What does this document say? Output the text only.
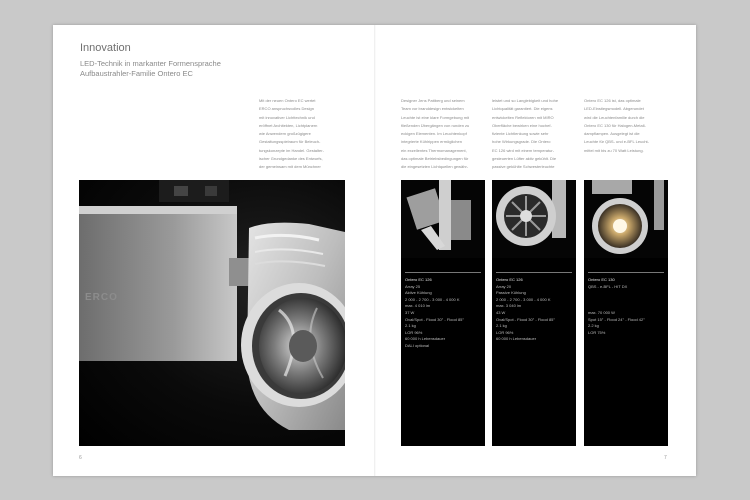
Innovation
LED-Technik in markanter Formensprache
Aufbaustrahler-Familie Ontero EC
Mit der neuen Ontero EC wertet
ERCO anspruchsvolles Design
mit innovativer Lichttechnik und
eröffnet Architekten, Lichtplanern
wie Anwendern großzügigere
Gestaltungsspielraum für Beleuch-
tungskonzepte im Handel. Gestalter-
ischer Grundgedanke des Entwurfs,
der gemeinsam mit dem Münchner
Designer Jens Pattberg und seinem
Team vor branddesign entwickelten
Leuchte ist eine klare Formgebung mit
fließenden Übergängen von runden zu
eckigen Elementen. Im Leuchtenkopf
integrierte Kühlrippen ermöglichen
ein exzellentes Thermomanagement,
das optimale Betriebsbedingungen für
die eingesetzten Lichtquellen gewähr-
leistet und so Langlebigkeit und hohe
Lichtqualität garantiert. Die eigens
entwickelten Reflektoren mit MIRO
Oberfläche bewirken eine hochef-
fiziente Lichtlenkung sowie sehr
hohe Wirkungsgrade. Die Ontero
EC 126 wird mit einem temperatur-
gesteuerten Lüfter aktiv gekühlt. Die
passive gekühlte Schwesterleuchte
Ontero EC 126 ist, das optimale
LED-Einstiegsmodell. Abgerundet
wird die Leuchtenfamilie durch die
Ontero EC 130 für Halogen-Metall-
dampflampen. Ausgelegt ist die
Leuchte für QBS- und e-BFL Leucht-
mittel mit bis zu 70 Watt Leistung.
ERCO
Ontero EC 126
Array 25
Aktive Kühlung
2 000 - 2 700 - 3 000 - 4 000 K
max. 4 010 lm
37 W
Oval/Spot - Flood 30° - Flood 85°
2.1 kg
LOR 96%
60 000 h Lebensdauer
DALI optional
Ontero EC 126
Array 20
Passive Kühlung
2 000 - 2 700 - 3 000 - 4 000 K
max. 3 040 lm
43 W
Oval/Spot - Flood 30° - Flood 85°
2.1 kg
LOR 96%
60 000 h Lebensdauer
Ontero EC 130
QBS - e-BFL - HIT DX

max. 70 000 W
Spot 15° - Flood 24° - Flood 42°
2.2 kg
LOR 75%
6	7
